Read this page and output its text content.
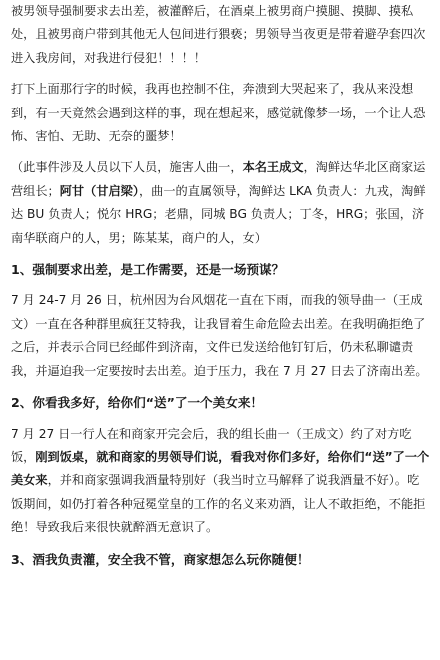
被男领导强制要求去出差，被灌醉后，在酒桌上被男商户摸腿、摸脚、摸私处，且被男商户带到其他无人包间进行猥亵；男领导当夜更是带着避孕套四次进入我房间，对我进行侵犯！！！！

打下上面那行字的时候，我再也控制不住，奔溃到大哭起来了，我从来没想到，有一天竟然会遇到这样的事，现在想起来，感觉就像梦一场，一个让人恐怖、害怕、无助、无奈的噩梦！

（此事件涉及人员以下人员，施害人曲一，本名王成文，淘鲜达华北区商家运营组长；阿甘（甘启梁），曲一的直属领导，淘鲜达 LKA 负责人：九戎，淘鲜达 BU 负责人；悦尔 HRG；老鼎，同城 BG 负责人；丁冬，HRG；张国，济南华联商户的人，男；陈某某，商户的人，女）

1、强制要求出差，是工作需要，还是一场预谋？

7 月 24-7 月 26 日，杭州因为台风烟花一直在下雨，而我的领导曲一（王成文）一直在各种群里疯狂艾特我，让我冒着生命危险去出差。在我明确拒绝了之后，并表示合同已经邮件到济南，文件已发送给他钉钉后，仍未私聊谴责我，并逼迫我一定要按时去出差。迫于压力，我在 7 月 27 日去了济南出差。

2、你看我多好，给你们“送”了一个美女来！

7 月 27 日一行人在和商家开完会后，我的组长曲一（王成文）约了对方吃饭，刚到饭桌，就和商家的男领导们说，看我对你们多好，给你们“送”了一个美女来，并和商家强调我酒量特别好（我当时立马解释了说我酒量不好）。吃饭期间，如仍打着各种冠冕堂皇的工作的名义来劝酒，让人不敢拒绝，不能拒绝！导致我后来很快就醉酒无意识了。

3、酒我负责灌，安全我不管，商家想怎么玩你随便！
